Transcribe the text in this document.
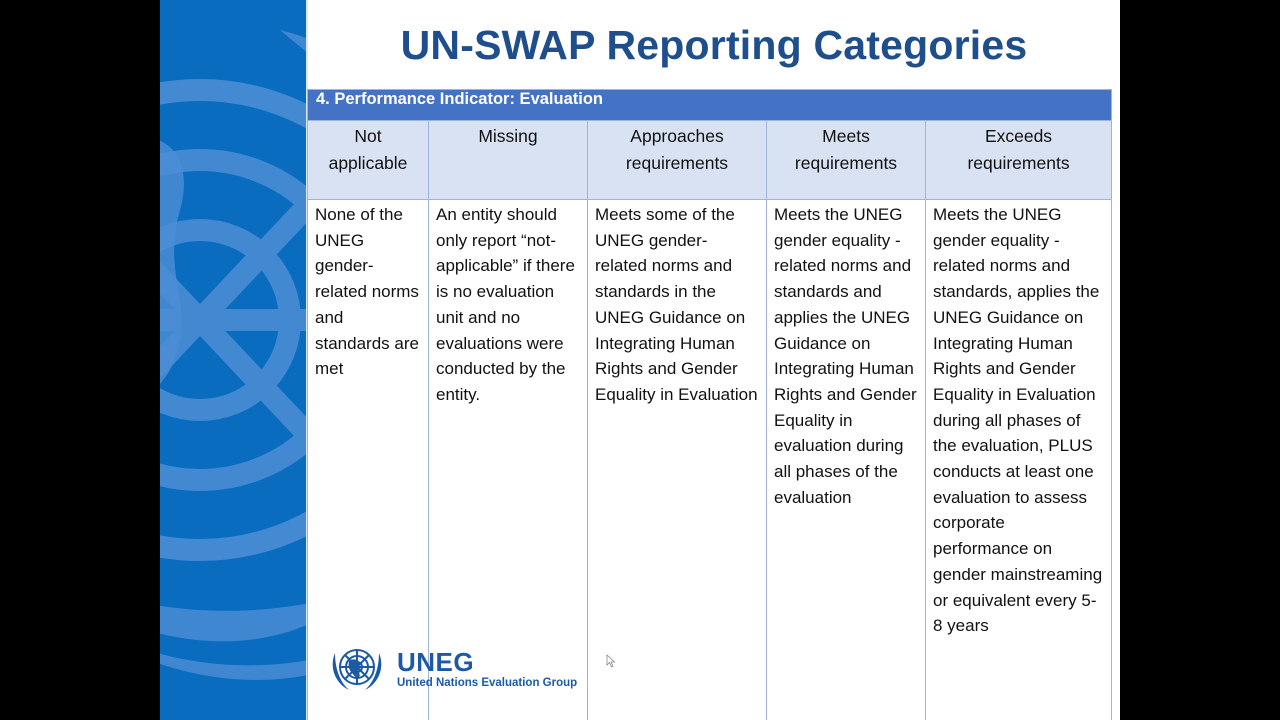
UN-SWAP Reporting Categories
4. Performance Indicator: Evaluation				
Not applicable	Missing	Approaches requirements	Meets requirements	Exceeds requirements
None of the UNEG gender-related norms and standards are met	An entity should only report “not-applicable” if there is no evaluation unit and no evaluations were conducted by the entity.	Meets some of the UNEG gender-related norms and standards in the UNEG Guidance on Integrating Human Rights and Gender Equality in Evaluation	Meets the UNEG gender equality - related norms and standards and applies the UNEG Guidance on Integrating Human Rights and Gender Equality in evaluation during all phases of the evaluation	Meets the UNEG gender equality - related norms and standards, applies the UNEG Guidance on Integrating Human Rights and Gender Equality in Evaluation during all phases of the evaluation, PLUS conducts at least one evaluation to assess corporate performance on gender mainstreaming or equivalent every 5-8 years
UNEG
United Nations Evaluation Group
